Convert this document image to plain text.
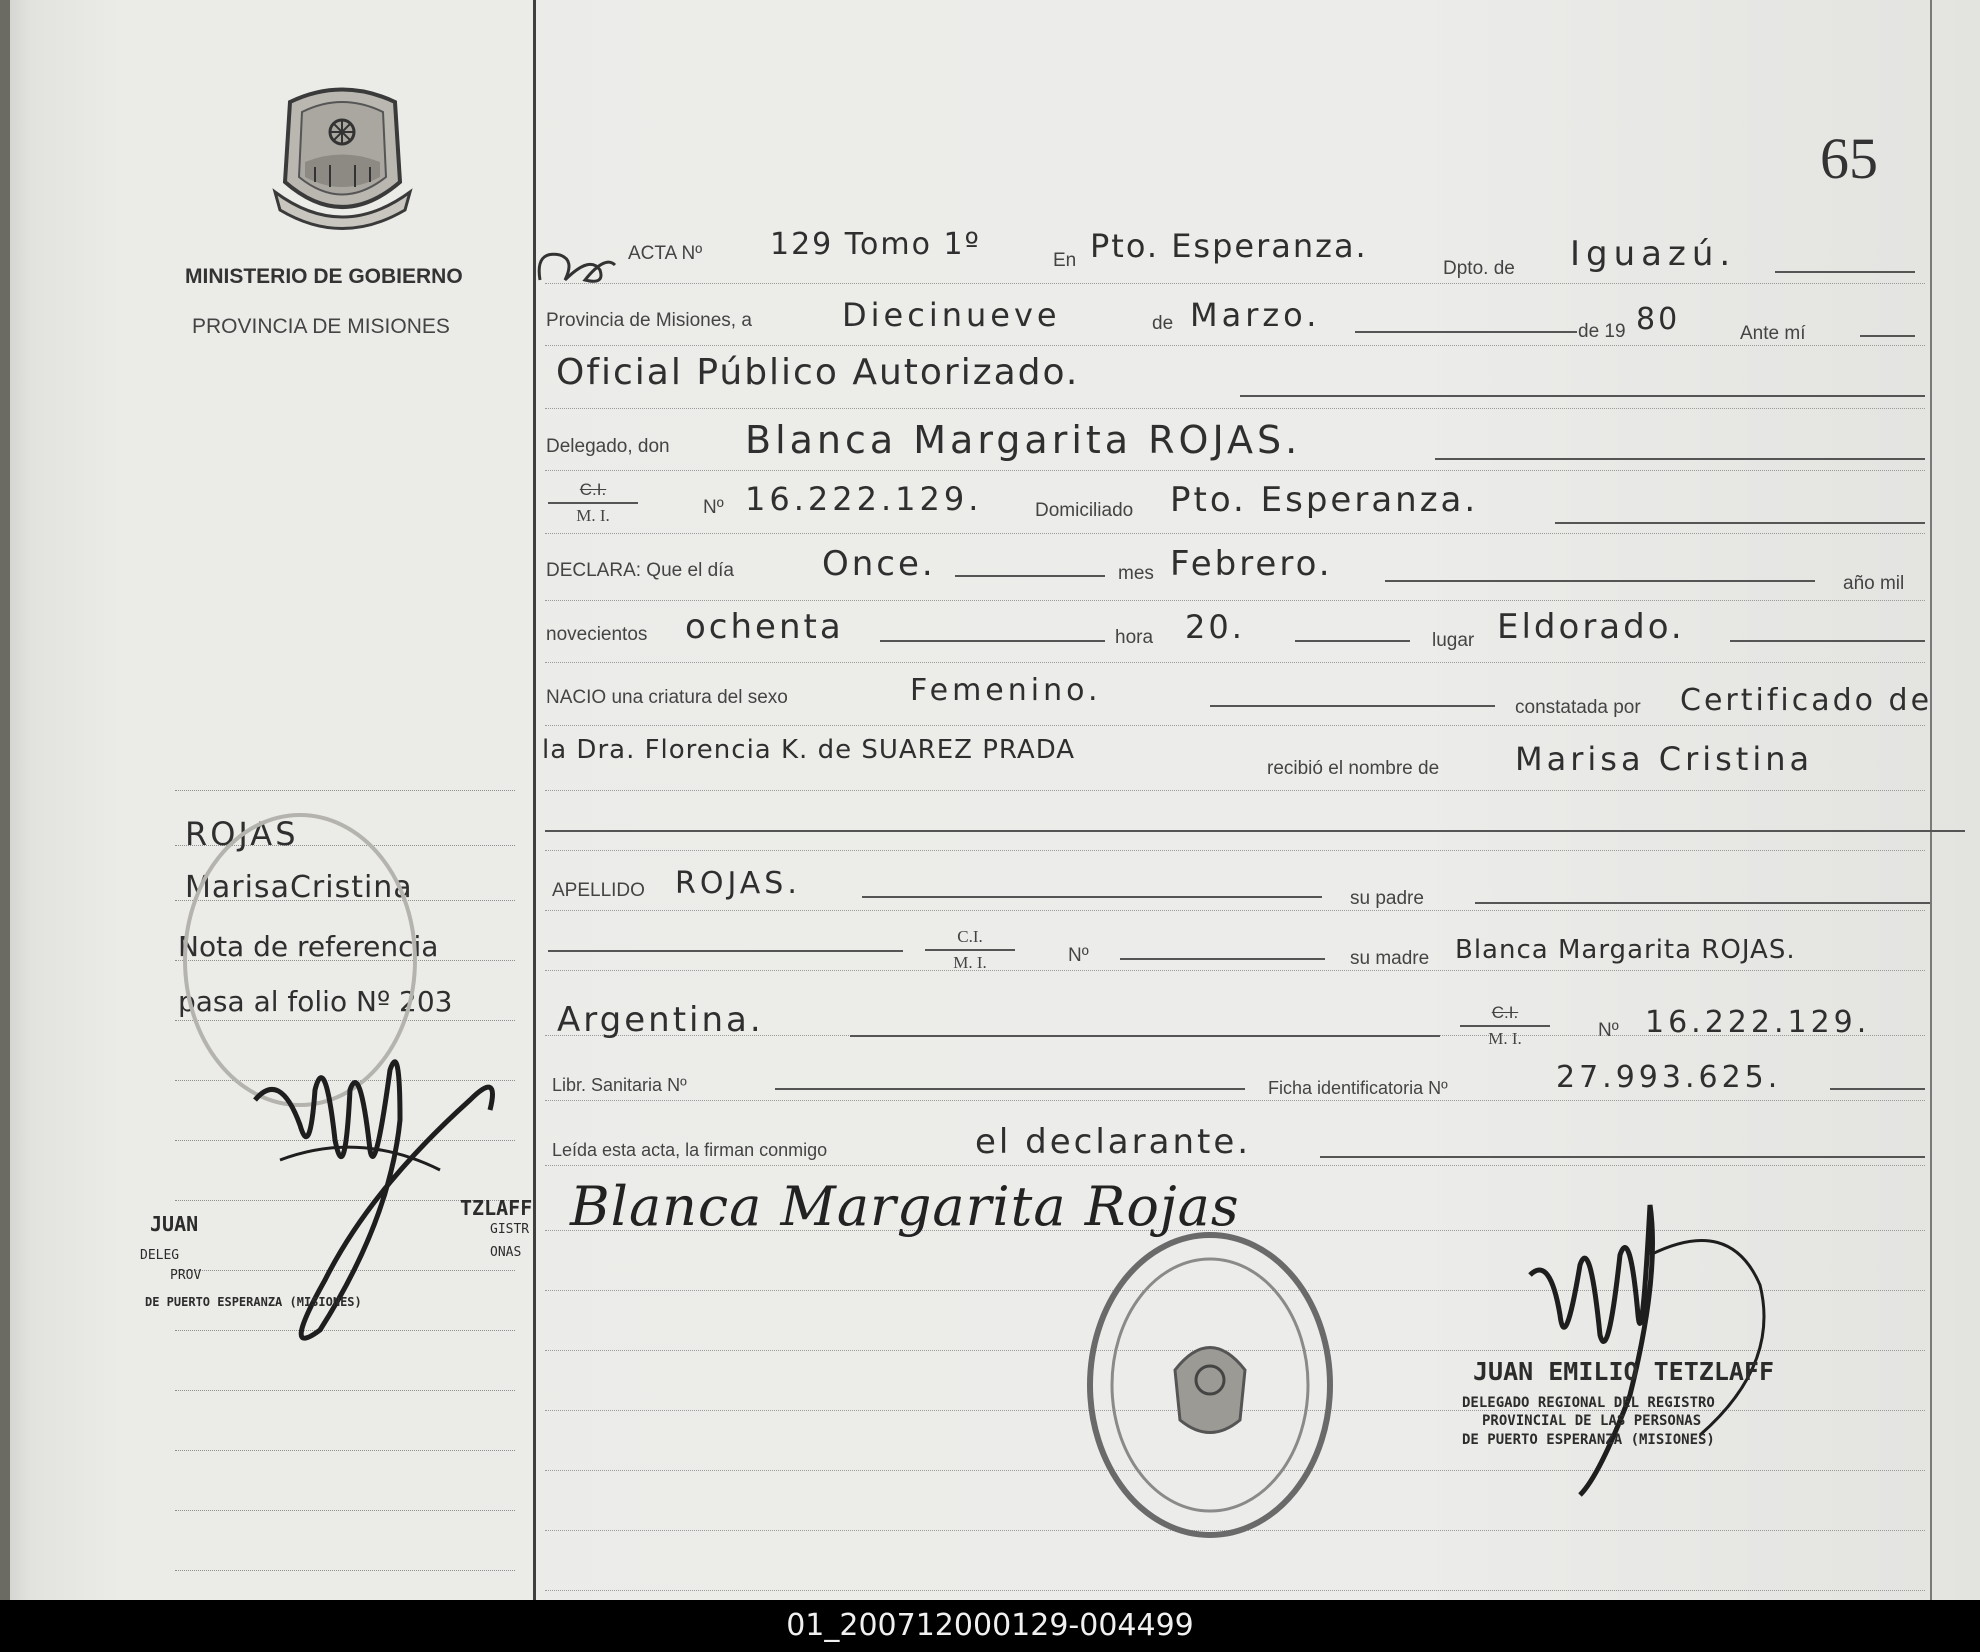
MINISTERIO DE GOBIERNO
PROVINCIA DE MISIONES
65
ROJAS
MarisaCristina
Nota de referencia
pasa al folio Nº 203
JUAN
TZLAFF
DELEG
GISTR
PROV
ONAS
DE PUERTO ESPERANZA (MISIONES)
ACTA Nº 129 Tomo 1º	En Pto. Esperanza.
Dpto. de Iguazú.
Provincia de Misiones, a	Diecinueve	de Marzo.	de 19 80	Ante mí
Oficial Público Autorizado.
Delegado, don Blanca Margarita ROJAS.
$\frac{C.I.}{M. I.}$	Nº 16.222.129.	Domiciliado Pto. Esperanza.
DECLARA: Que el día	Once.	mes Febrero.	año mil
novecientos ochenta	hora 20.	lugar Eldorado.
NACIO una criatura del sexo	Femenino.	constatada por Certificado de
la Dra. Florencia K. de SUAREZ PRADA
recibió el nombre de Marisa Cristina
APELLIDO ROJAS.	su padre
$\frac{C.I.}{M. I.}$	Nº	su madre Blanca Margarita ROJAS.
Argentina.	$\frac{C.I.}{M. I.}$	Nº 16.222.129.
Libr. Sanitaria Nº	Ficha identificatoria Nº	27.993.625.
Leída esta acta, la firman conmigo	el declarante.
Blanca Margarita Rojas
JUAN EMILIO TETZLAFF
DELEGADO REGIONAL DEL REGISTRO
PROVINCIAL DE LAS PERSONAS
DE PUERTO ESPERANZA (MISIONES)
01_200712000129-004499
